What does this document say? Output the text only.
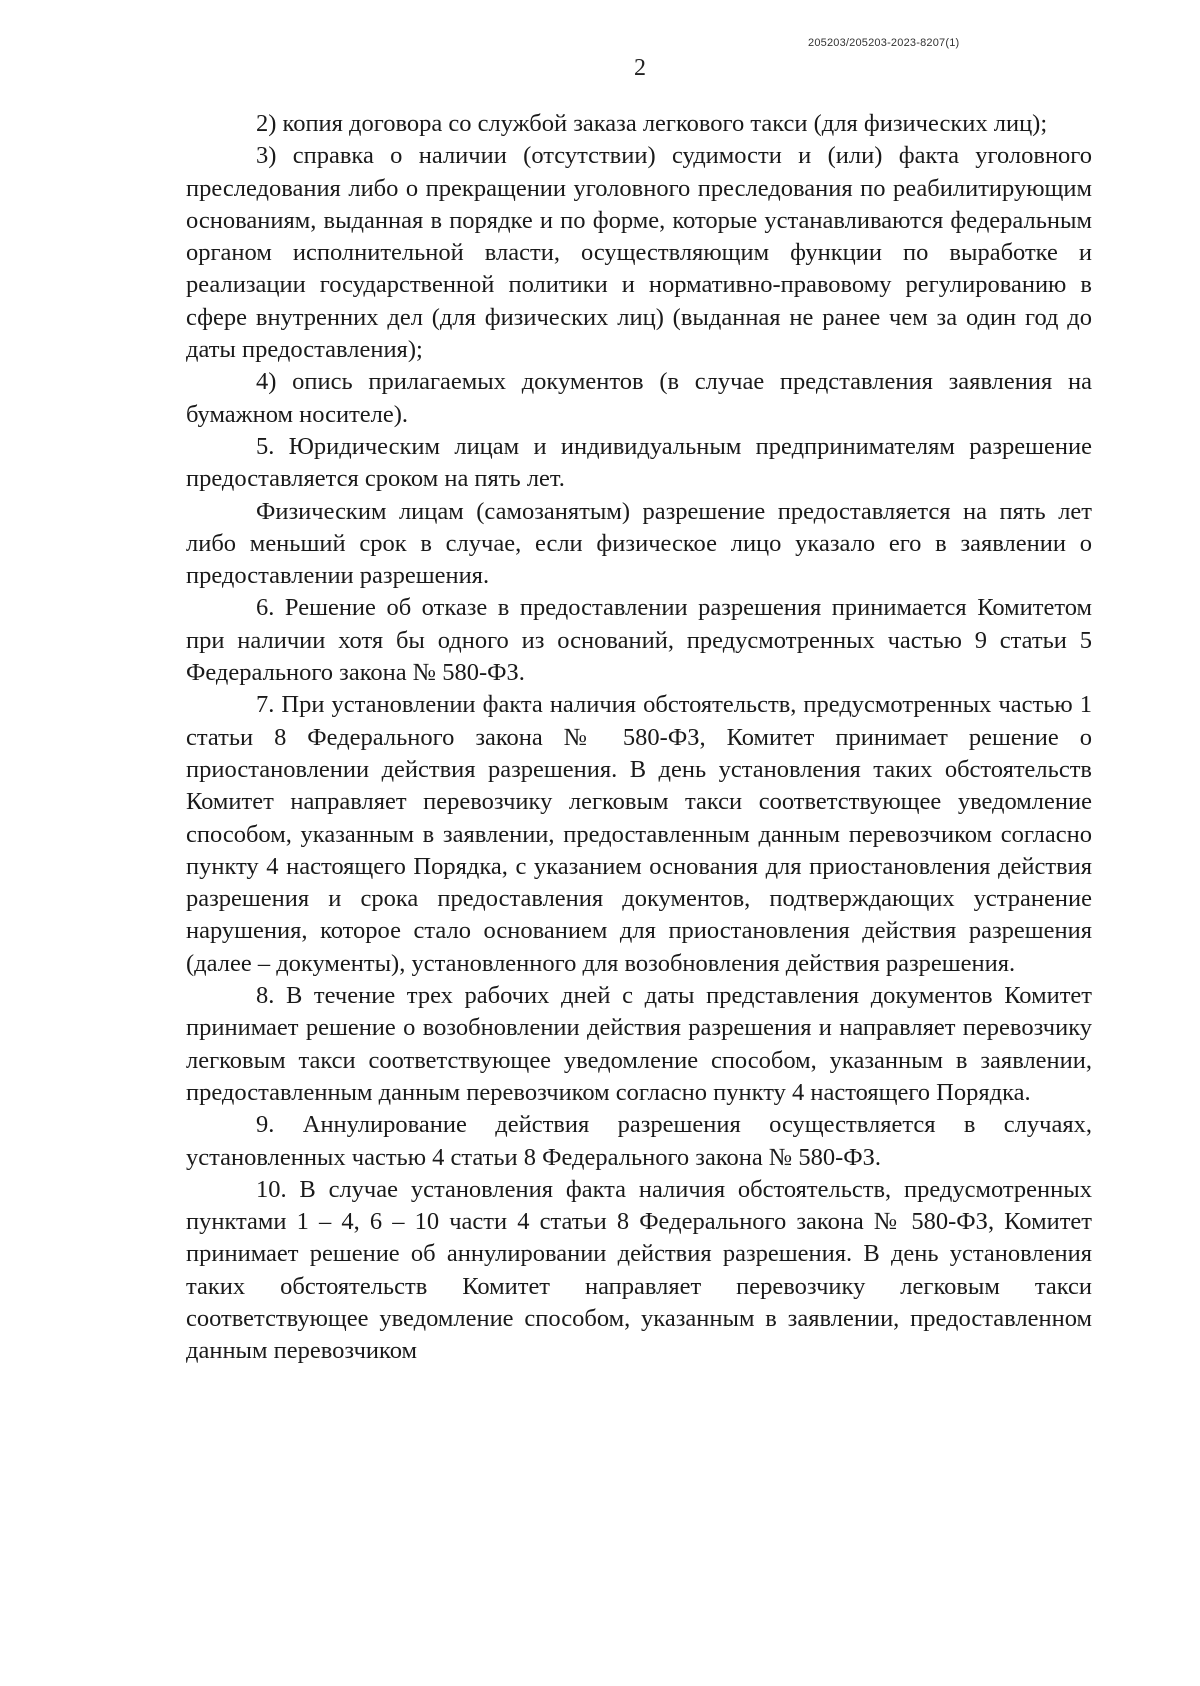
205203/205203-2023-8207(1)
2

2) копия договора со службой заказа легкового такси (для физических лиц);

3) справка о наличии (отсутствии) судимости и (или) факта уголовного преследования либо о прекращении уголовного преследования по реабилитирующим основаниям, выданная в порядке и по форме, которые устанавливаются федеральным органом исполнительной власти, осуществляющим функции по выработке и реализации государственной политики и нормативно-правовому регулированию в сфере внутренних дел (для физических лиц) (выданная не ранее чем за один год до даты предоставления);

4) опись прилагаемых документов (в случае представления заявления на бумажном носителе).

5. Юридическим лицам и индивидуальным предпринимателям разрешение предоставляется сроком на пять лет.

Физическим лицам (самозанятым) разрешение предоставляется на пять лет либо меньший срок в случае, если физическое лицо указало его в заявлении о предоставлении разрешения.

6. Решение об отказе в предоставлении разрешения принимается Комитетом при наличии хотя бы одного из оснований, предусмотренных частью 9 статьи 5 Федерального закона № 580-ФЗ.

7. При установлении факта наличия обстоятельств, предусмотренных частью 1 статьи 8 Федерального закона № 580-ФЗ, Комитет принимает решение о приостановлении действия разрешения. В день установления таких обстоятельств Комитет направляет перевозчику легковым такси соответствующее уведомление способом, указанным в заявлении, предоставленным данным перевозчиком согласно пункту 4 настоящего Порядка, с указанием основания для приостановления действия разрешения и срока предоставления документов, подтверждающих устранение нарушения, которое стало основанием для приостановления действия разрешения (далее – документы), установленного для возобновления действия разрешения.

8. В течение трех рабочих дней с даты представления документов Комитет принимает решение о возобновлении действия разрешения и направляет перевозчику легковым такси соответствующее уведомление способом, указанным в заявлении, предоставленным данным перевозчиком согласно пункту 4 настоящего Порядка.

9. Аннулирование действия разрешения осуществляется в случаях, установленных частью 4 статьи 8 Федерального закона № 580-ФЗ.

10. В случае установления факта наличия обстоятельств, предусмотренных пунктами 1 – 4, 6 – 10 части 4 статьи 8 Федерального закона № 580-ФЗ, Комитет принимает решение об аннулировании действия разрешения. В день установления таких обстоятельств Комитет направляет перевозчику легковым такси соответствующее уведомление способом, указанным в заявлении, предоставленном данным перевозчиком
